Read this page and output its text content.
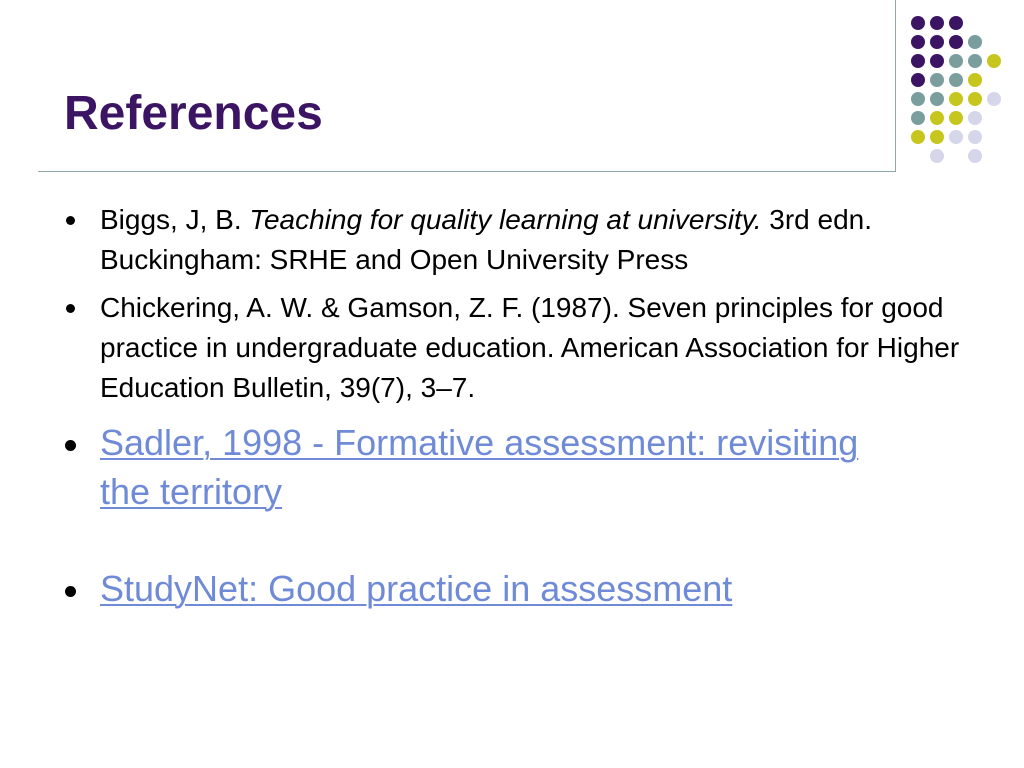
References
Biggs, J, B. Teaching for quality learning at university. 3rd edn. Buckingham: SRHE and Open University Press
Chickering, A. W. & Gamson, Z. F. (1987). Seven principles for good practice in undergraduate education. American Association for Higher Education Bulletin, 39(7), 3–7.
Sadler, 1998 - Formative assessment: revisiting the territory
StudyNet: Good practice in assessment
